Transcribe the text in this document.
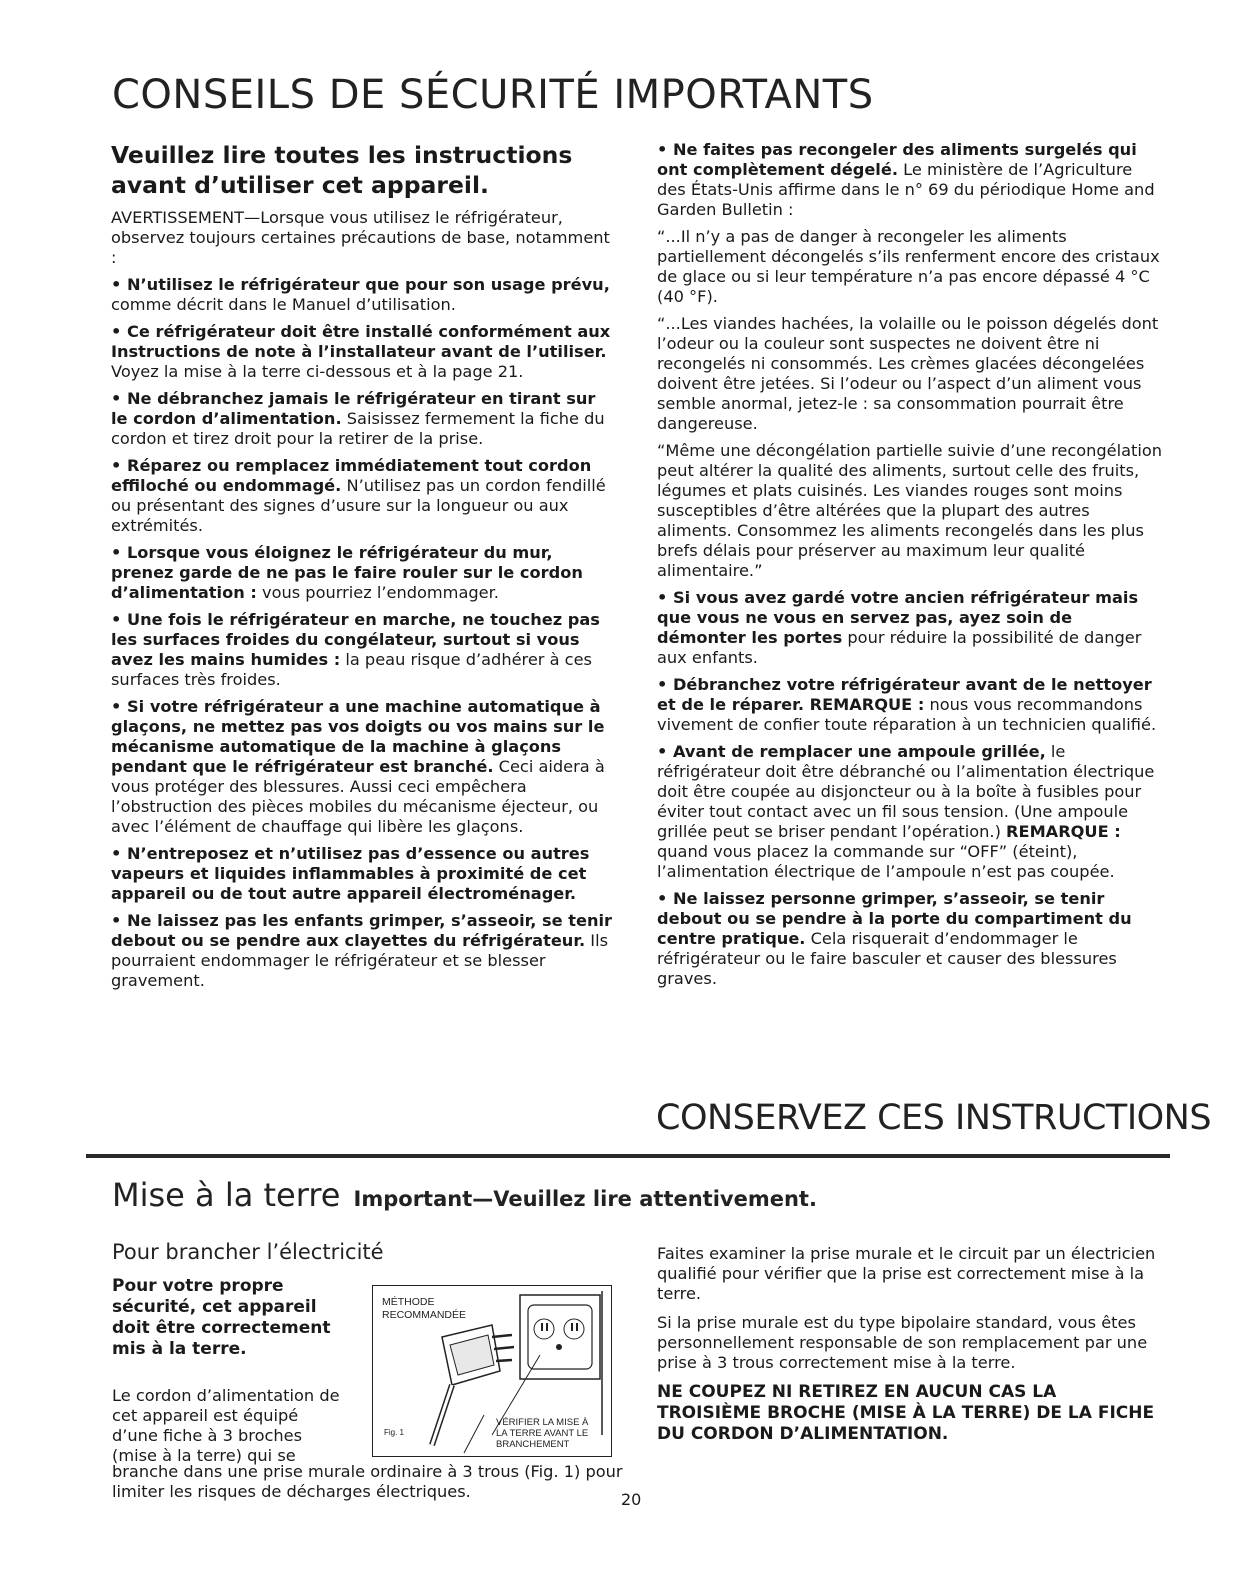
CONSEILS DE SÉCURITÉ IMPORTANTS
Veuillez lire toutes les instructions avant d’utiliser cet appareil.

AVERTISSEMENT—Lorsque vous utilisez le réfrigérateur, observez toujours certaines précautions de base, notamment :

• N’utilisez le réfrigérateur que pour son usage prévu, comme décrit dans le Manuel d’utilisation.

• Ce réfrigérateur doit être installé conformément aux Instructions de note à l’installateur avant de l’utiliser. Voyez la mise à la terre ci-dessous et à la page 21.

• Ne débranchez jamais le réfrigérateur en tirant sur le cordon d’alimentation. Saisissez fermement la fiche du cordon et tirez droit pour la retirer de la prise.

• Réparez ou remplacez immédiatement tout cordon effiloché ou endommagé. N’utilisez pas un cordon fendillé ou présentant des signes d’usure sur la longueur ou aux extrémités.

• Lorsque vous éloignez le réfrigérateur du mur, prenez garde de ne pas le faire rouler sur le cordon d’alimentation : vous pourriez l’endommager.

• Une fois le réfrigérateur en marche, ne touchez pas les surfaces froides du congélateur, surtout si vous avez les mains humides : la peau risque d’adhérer à ces surfaces très froides.

• Si votre réfrigérateur a une machine automatique à glaçons, ne mettez pas vos doigts ou vos mains sur le mécanisme automatique de la machine à glaçons pendant que le réfrigérateur est branché. Ceci aidera à vous protéger des blessures. Aussi ceci empêchera l’obstruction des pièces mobiles du mécanisme éjecteur, ou avec l’élément de chauffage qui libère les glaçons.

• N’entreposez et n’utilisez pas d’essence ou autres vapeurs et liquides inflammables à proximité de cet appareil ou de tout autre appareil électroménager.

• Ne laissez pas les enfants grimper, s’asseoir, se tenir debout ou se pendre aux clayettes du réfrigérateur. Ils pourraient endommager le réfrigérateur et se blesser gravement.

• Ne faites pas recongeler des aliments surgelés qui ont complètement dégelé. Le ministère de l’Agriculture des États-Unis affirme dans le n° 69 du périodique Home and Garden Bulletin :

“...Il n’y a pas de danger à recongeler les aliments partiellement décongelés s’ils renferment encore des cristaux de glace ou si leur température n’a pas encore dépassé 4 °C (40 °F).

“...Les viandes hachées, la volaille ou le poisson dégelés dont l’odeur ou la couleur sont suspectes ne doivent être ni recongelés ni consommés. Les crèmes glacées décongelées doivent être jetées. Si l’odeur ou l’aspect d’un aliment vous semble anormal, jetez-le : sa consommation pourrait être dangereuse.

“Même une décongélation partielle suivie d’une recongélation peut altérer la qualité des aliments, surtout celle des fruits, légumes et plats cuisinés. Les viandes rouges sont moins susceptibles d’être altérées que la plupart des autres aliments. Consommez les aliments recongelés dans les plus brefs délais pour préserver au maximum leur qualité alimentaire.”

• Si vous avez gardé votre ancien réfrigérateur mais que vous ne vous en servez pas, ayez soin de démonter les portes pour réduire la possibilité de danger aux enfants.

• Débranchez votre réfrigérateur avant de le nettoyer et de le réparer. REMARQUE : nous vous recommandons vivement de confier toute réparation à un technicien qualifié.

• Avant de remplacer une ampoule grillée, le réfrigérateur doit être débranché ou l’alimentation électrique doit être coupée au disjoncteur ou à la boîte à fusibles pour éviter tout contact avec un fil sous tension. (Une ampoule grillée peut se briser pendant l’opération.) REMARQUE : quand vous placez la commande sur “OFF” (éteint), l’alimentation électrique de l’ampoule n’est pas coupée.

• Ne laissez personne grimper, s’asseoir, se tenir debout ou se pendre à la porte du compartiment du centre pratique. Cela risquerait d’endommager le réfrigérateur ou le faire basculer et causer des blessures graves.

CONSERVEZ CES INSTRUCTIONS
Mise à la terre Important—Veuillez lire attentivement.
Pour brancher l’électricité
Pour votre propre sécurité, cet appareil doit être correctement mis à la terre.
Le cordon d’alimentation de cet appareil est équipé d’une fiche à 3 broches (mise à la terre) qui se
branche dans une prise murale ordinaire à 3 trous (Fig. 1) pour limiter les risques de décharges électriques.
MÉTHODE
RECOMMANDÉE
Fig. 1
VÉRIFIER LA MISE À
LA TERRE AVANT LE
BRANCHEMENT

Faites examiner la prise murale et le circuit par un électricien qualifié pour vérifier que la prise est correctement mise à la terre.

Si la prise murale est du type bipolaire standard, vous êtes personnellement responsable de son remplacement par une prise à 3 trous correctement mise à la terre.

NE COUPEZ NI RETIREZ EN AUCUN CAS LA TROISIÈME BROCHE (MISE À LA TERRE) DE LA FICHE DU CORDON D’ALIMENTATION.

20
